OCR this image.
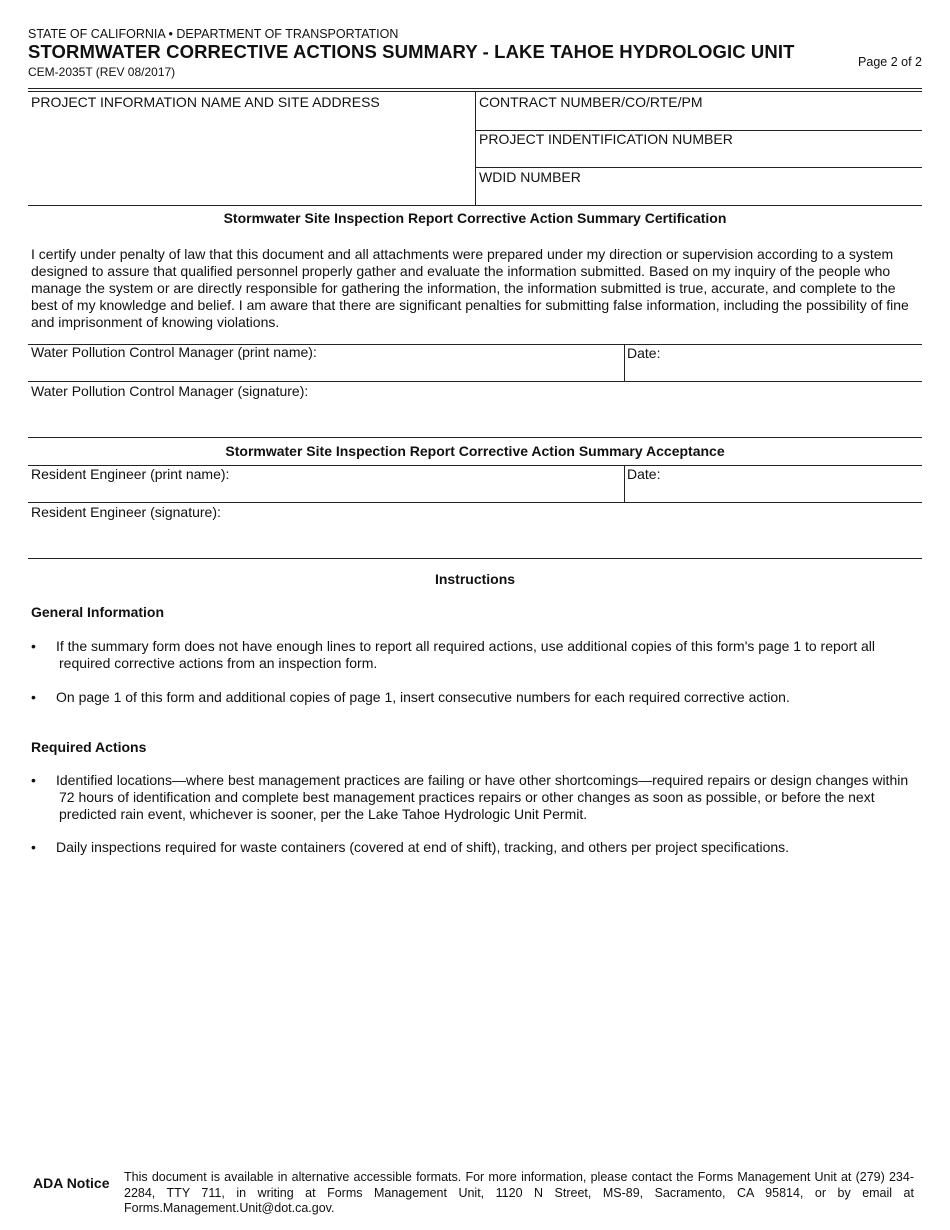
STATE OF CALIFORNIA • DEPARTMENT OF TRANSPORTATION
STORMWATER CORRECTIVE ACTIONS SUMMARY - LAKE TAHOE HYDROLOGIC UNIT
CEM-2035T (REV 08/2017)
Page 2 of 2
PROJECT INFORMATION NAME AND SITE ADDRESS	CONTRACT NUMBER/CO/RTE/PM
PROJECT INDENTIFICATION NUMBER
WDID NUMBER
Stormwater Site Inspection Report Corrective Action Summary Certification
I certify under penalty of law that this document and all attachments were prepared under my direction or supervision according to a system designed to assure that qualified personnel properly gather and evaluate the information submitted. Based on my inquiry of the people who manage the system or are directly responsible for gathering the information, the information submitted is true, accurate, and complete to the best of my knowledge and belief. I am aware that there are significant penalties for submitting false information, including the possibility of fine and imprisonment of knowing violations.
Water Pollution Control Manager (print name):	Date:
Water Pollution Control Manager (signature):
Stormwater Site Inspection Report Corrective Action Summary Acceptance
Resident Engineer (print name):	Date:
Resident Engineer (signature):
Instructions
General Information
• If the summary form does not have enough lines to report all required actions, use additional copies of this form's page 1 to report all
required corrective actions from an inspection form.
• On page 1 of this form and additional copies of page 1, insert consecutive numbers for each required corrective action.
Required Actions
• Identified locations—where best management practices are failing or have other shortcomings—required repairs or design changes within
72 hours of identification and complete best management practices repairs or other changes as soon as possible, or before the next
predicted rain event, whichever is sooner, per the Lake Tahoe Hydrologic Unit Permit.
• Daily inspections required for waste containers (covered at end of shift), tracking, and others per project specifications.
ADA Notice This document is available in alternative accessible formats. For more information, please contact the Forms Management Unit at (279) 234-2284, TTY 711, in writing at Forms Management Unit, 1120 N Street, MS-89, Sacramento, CA 95814, or by email at Forms.Management.Unit@dot.ca.gov.
